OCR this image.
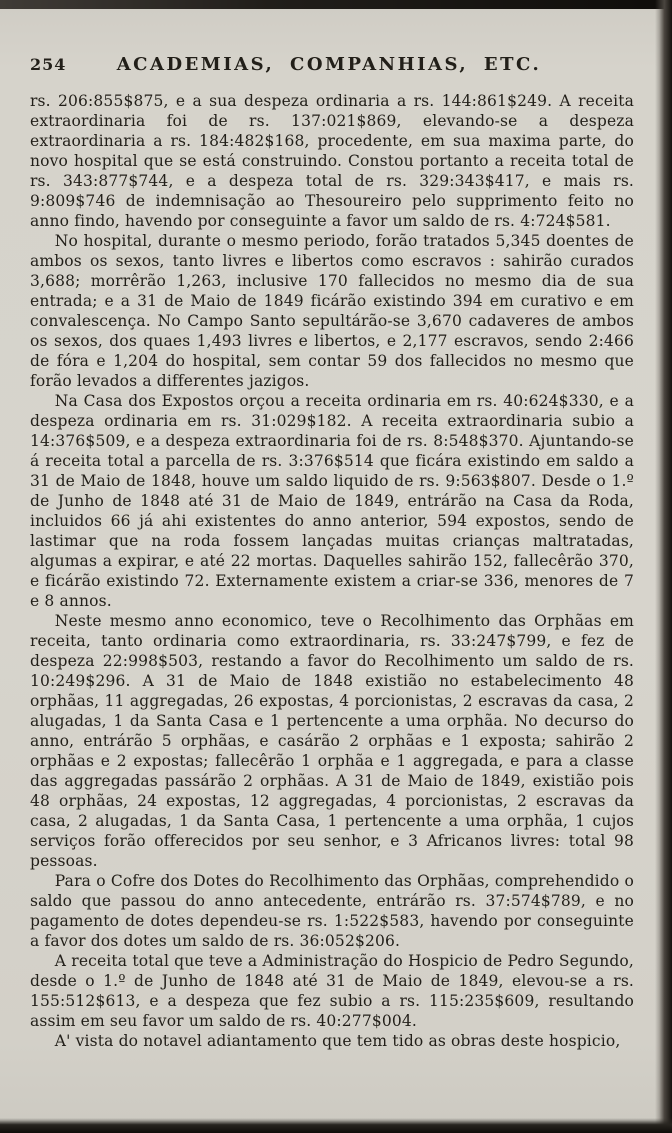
254	ACADEMIAS, COMPANHIAS, ETC.

rs. 206:855$875, e a sua despeza ordinaria a rs. 144:861$249. A receita extraordinaria foi de rs. 137:021$869, elevando-se a despeza extraordinaria a rs. 184:482$168, procedente, em sua maxima parte, do novo hospital que se está construindo. Constou portanto a receita total de rs. 343:877$744, e a despeza total de rs. 329:343$417, e mais rs. 9:809$746 de indemnisação ao Thesoureiro pelo supprimento feito no anno findo, havendo por conseguinte a favor um saldo de rs. 4:724$581.

No hospital, durante o mesmo periodo, forão tratados 5,345 doentes de ambos os sexos, tanto livres e libertos como escravos : sahirão curados 3,688; morrêrão 1,263, inclusive 170 fallecidos no mesmo dia de sua entrada; e a 31 de Maio de 1849 ficárão existindo 394 em curativo e em convalescença. No Campo Santo sepultárão-se 3,670 cadaveres de ambos os sexos, dos quaes 1,493 livres e libertos, e 2,177 escravos, sendo 2:466 de fóra e 1,204 do hospital, sem contar 59 dos fallecidos no mesmo que forão levados a differentes jazigos.

Na Casa dos Expostos orçou a receita ordinaria em rs. 40:624$330, e a despeza ordinaria em rs. 31:029$182. A receita extraordinaria subio a 14:376$509, e a despeza extraordinaria foi de rs. 8:548$370. Ajuntando-se á receita total a parcella de rs. 3:376$514 que ficára existindo em saldo a 31 de Maio de 1848, houve um saldo liquido de rs. 9:563$807. Desde o 1.º de Junho de 1848 até 31 de Maio de 1849, entrárão na Casa da Roda, incluidos 66 já ahi existentes do anno anterior, 594 expostos, sendo de lastimar que na roda fossem lançadas muitas crianças maltratadas, algumas a expirar, e até 22 mortas. Daquelles sahirão 152, fallecêrão 370, e ficárão existindo 72. Externamente existem a criar-se 336, menores de 7 e 8 annos.

Neste mesmo anno economico, teve o Recolhimento das Orphãas em receita, tanto ordinaria como extraordinaria, rs. 33:247$799, e fez de despeza 22:998$503, restando a favor do Recolhimento um saldo de rs. 10:249$296. A 31 de Maio de 1848 existião no estabelecimento 48 orphãas, 11 aggregadas, 26 expostas, 4 porcionistas, 2 escravas da casa, 2 alugadas, 1 da Santa Casa e 1 pertencente a uma orphãa. No decurso do anno, entrárão 5 orphãas, e casárão 2 orphãas e 1 exposta; sahirão 2 orphãas e 2 expostas; fallecêrão 1 orphãa e 1 aggregada, e para a classe das aggregadas passárão 2 orphãas. A 31 de Maio de 1849, existião pois 48 orphãas, 24 expostas, 12 aggregadas, 4 porcionistas, 2 escravas da casa, 2 alugadas, 1 da Santa Casa, 1 pertencente a uma orphãa, 1 cujos serviços forão offerecidos por seu senhor, e 3 Africanos livres: total 98 pessoas.

Para o Cofre dos Dotes do Recolhimento das Orphãas, comprehendido o saldo que passou do anno antecedente, entrárão rs. 37:574$789, e no pagamento de dotes dependeu-se rs. 1:522$583, havendo por conseguinte a favor dos dotes um saldo de rs. 36:052$206.

A receita total que teve a Administração do Hospicio de Pedro Segundo, desde o 1.º de Junho de 1848 até 31 de Maio de 1849, elevou-se a rs. 155:512$613, e a despeza que fez subio a rs. 115:235$609, resultando assim em seu favor um saldo de rs. 40:277$004.

A' vista do notavel adiantamento que tem tido as obras deste hospicio,
